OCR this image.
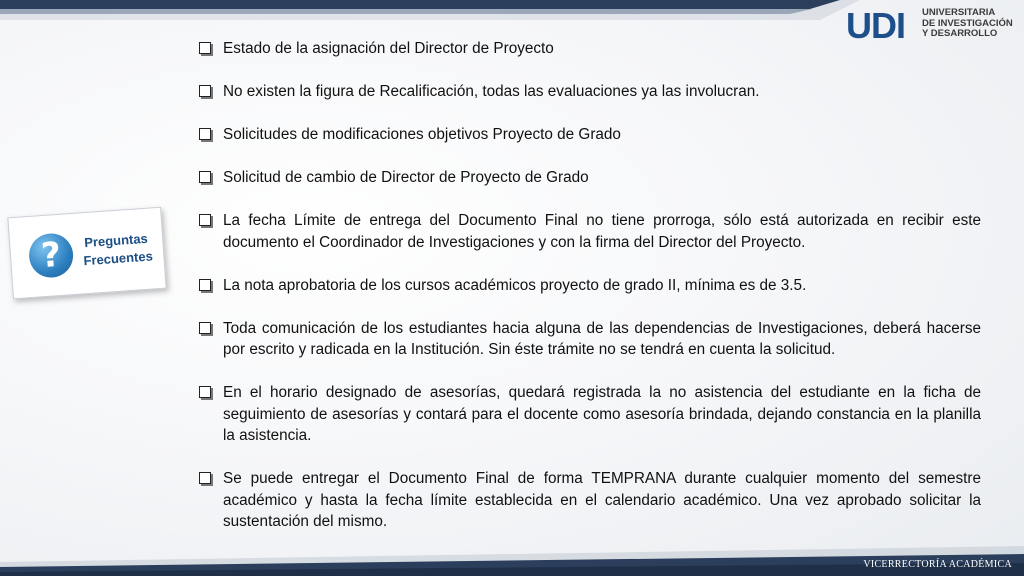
UDI UNIVERSITARIA
DE INVESTIGACIÓN
Y DESARROLLO
?	Preguntas
Frecuentes
Estado de la asignación del Director de Proyecto
No existen la figura de Recalificación, todas las evaluaciones ya las involucran.
Solicitudes de modificaciones objetivos Proyecto de Grado
Solicitud de cambio de Director de Proyecto de Grado
La fecha Límite de entrega del Documento Final no tiene prorroga, sólo está autorizada en recibir este documento el Coordinador de Investigaciones y con la firma del Director del Proyecto.
La nota aprobatoria de los cursos académicos proyecto de grado II, mínima es de 3.5.
Toda comunicación de los estudiantes hacia alguna de las dependencias de Investigaciones, deberá hacerse por escrito y radicada en la Institución. Sin éste trámite no se tendrá en cuenta la solicitud.
En el horario designado de asesorías, quedará registrada la no asistencia del estudiante en la ficha de seguimiento de asesorías y contará para el docente como asesoría brindada, dejando constancia en la planilla la asistencia.
Se puede entregar el Documento Final de forma TEMPRANA durante cualquier momento del semestre académico y hasta la fecha límite establecida en el calendario académico. Una vez aprobado solicitar la sustentación del mismo.
VICERRECTORÍA ACADÉMICA
